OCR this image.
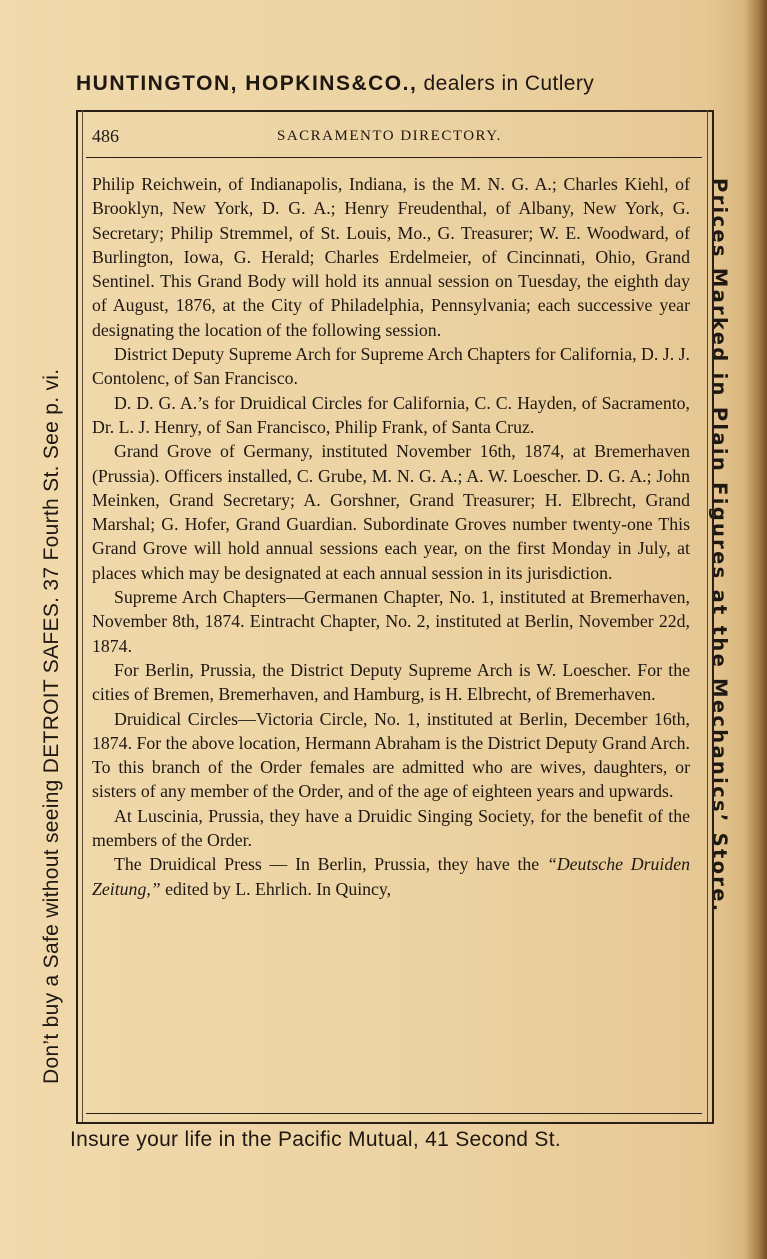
HUNTINGTON, HOPKINS&CO., dealers in Cutlery
Don’t buy a Safe without seeing DETROIT SAFES. 37 Fourth St. See p. vi.	Prices Marked in Plain Figures at the Mechanics’ Store.
486	SACRAMENTO DIRECTORY.

Philip Reichwein, of Indianapolis, Indiana, is the M. N. G. A.; Charles Kiehl, of Brooklyn, New York, D. G. A.; Henry Freudenthal, of Albany, New York, G. Secretary; Philip Stremmel, of St. Louis, Mo., G. Treasurer; W. E. Woodward, of Burlington, Iowa, G. Herald; Charles Erdelmeier, of Cincinnati, Ohio, Grand Sentinel. This Grand Body will hold its annual session on Tuesday, the eighth day of August, 1876, at the City of Philadelphia, Pennsylvania; each successive year designating the location of the following session.

District Deputy Supreme Arch for Supreme Arch Chapters for California, D. J. J. Contolenc, of San Francisco.

D. D. G. A.’s for Druidical Circles for California, C. C. Hayden, of Sacramento, Dr. L. J. Henry, of San Francisco, Philip Frank, of Santa Cruz.

Grand Grove of Germany, instituted November 16th, 1874, at Bremerhaven (Prussia). Officers installed, C. Grube, M. N. G. A.; A. W. Loescher. D. G. A.; John Meinken, Grand Secretary; A. Gorshner, Grand Treasurer; H. Elbrecht, Grand Marshal; G. Hofer, Grand Guardian. Subordinate Groves number twenty-one This Grand Grove will hold annual sessions each year, on the first Monday in July, at places which may be designated at each annual session in its jurisdiction.

Supreme Arch Chapters—Germanen Chapter, No. 1, instituted at Bremerhaven, November 8th, 1874. Eintracht Chapter, No. 2, instituted at Berlin, November 22d, 1874.

For Berlin, Prussia, the District Deputy Supreme Arch is W. Loescher. For the cities of Bremen, Bremerhaven, and Hamburg, is H. Elbrecht, of Bremerhaven.

Druidical Circles—Victoria Circle, No. 1, instituted at Berlin, December 16th, 1874. For the above location, Hermann Abraham is the District Deputy Grand Arch. To this branch of the Order females are admitted who are wives, daughters, or sisters of any member of the Order, and of the age of eighteen years and upwards.

At Luscinia, Prussia, they have a Druidic Singing Society, for the benefit of the members of the Order.

The Druidical Press — In Berlin, Prussia, they have the “Deutsche Druiden Zeitung,” edited by L. Ehrlich. In Quincy,

Insure your life in the Pacific Mutual, 41 Second St.
